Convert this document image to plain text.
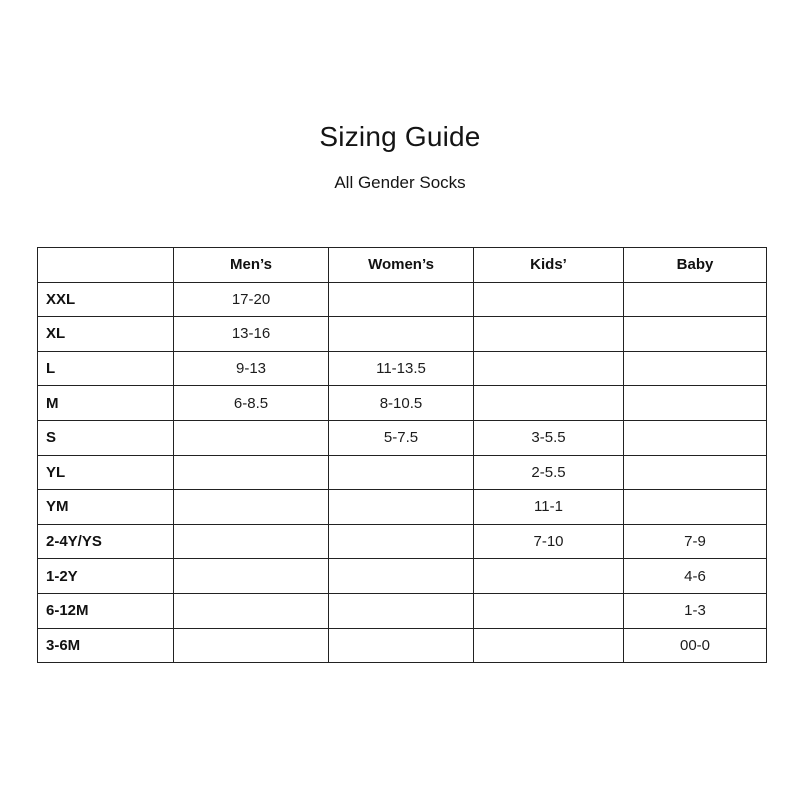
Sizing Guide
All Gender Socks
	Men’s	Women’s	Kids’	Baby
XXL	17-20			
XL	13-16			
L	9-13	11-13.5		
M	6-8.5	8-10.5		
S		5-7.5	3-5.5	
YL			2-5.5	
YM			11-1	
2-4Y/YS			7-10	7-9
1-2Y				4-6
6-12M				1-3
3-6M				00-0
